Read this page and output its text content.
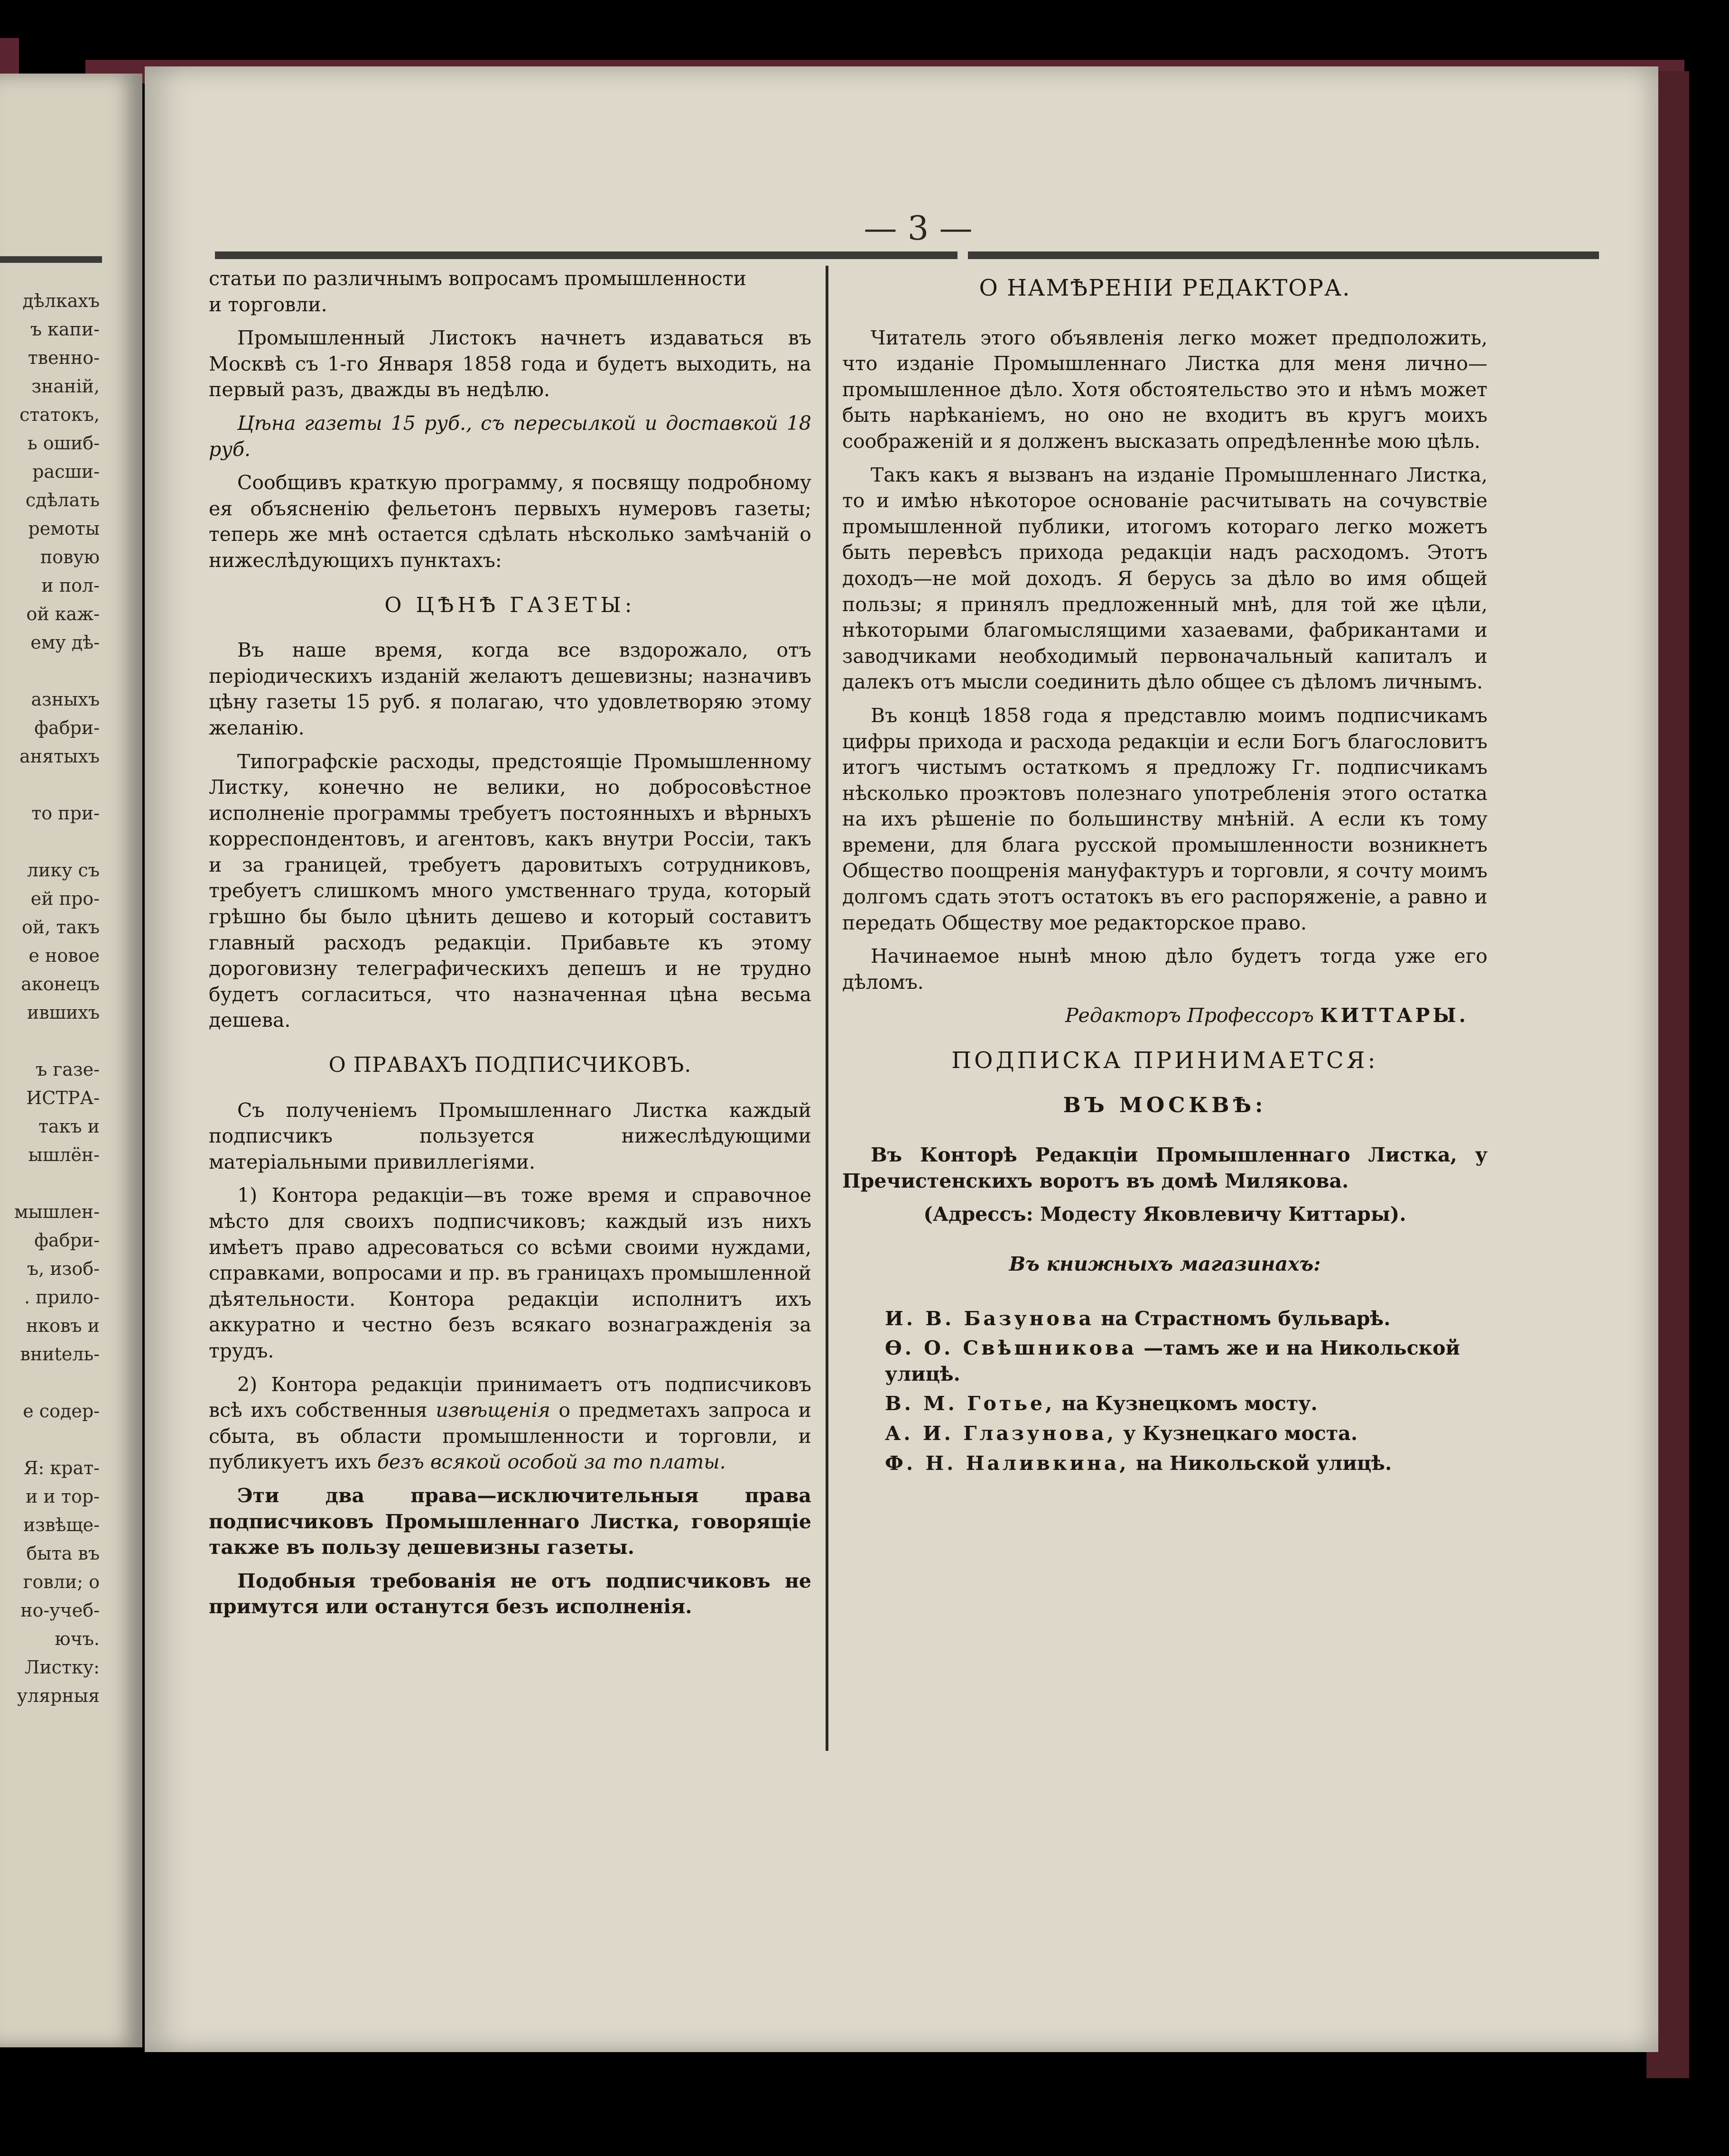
дѣлкахъ
ъ капи-
твенно-
знаній,
статокъ,
ь ошиб-
расши-
сдѣлать
ремоты
повую
и пол-
ой каж-
ему дѣ-
азныхъ
фабри-
анятыхъ
то при-
лику съ
ей про-
ой, такъ
е новое
аконецъ
ившихъ
ъ газе-
ИСТРА-
такъ и
ышлён-
мышлен-
фабри-
ъ, изоб-
. прило-
нковъ и
вниteль-
е содер-
Я: крат-
и и тор-
извѣще-
быта въ
говли; о
но-учеб-
ючъ.
Листку:
улярныя
— 3 —

статьи по различнымъ вопросамъ промышленности

и торговли.

Промышленный Листокъ начнетъ издаваться въ Москвѣ съ 1-го Января 1858 года и будетъ выходить, на первый разъ, дважды въ недѣлю.

Цѣна газеты 15 руб., съ пересылкой и доставкой 18 руб.

Сообщивъ краткую программу, я посвящу подробному ея объясненію фельетонъ первыхъ нумеровъ газеты; теперь же мнѣ остается сдѣлать нѣсколько замѣчаній о нижеслѣдующихъ пунктахъ:

О ЦѢНѢ ГАЗЕТЫ:

Въ наше время, когда все вздорожало, отъ періодическихъ изданій желаютъ дешевизны; назначивъ цѣну газеты 15 руб. я полагаю, что удовлетворяю этому желанію.

Типографскіе расходы, предстоящіе Промышленному Листку, конечно не велики, но добросовѣстное исполненіе программы требуетъ постоянныхъ и вѣрныхъ корреспондентовъ, и агентовъ, какъ внутри Россіи, такъ и за границей, требуетъ даровитыхъ сотрудниковъ, требуетъ слишкомъ много умственнаго труда, который грѣшно бы было цѣнить дешево и который составитъ главный расходъ редакціи. Прибавьте къ этому дороговизну телеграфическихъ депешъ и не трудно будетъ согласиться, что назначенная цѣна весьма дешева.

О ПРАВАХЪ ПОДПИСЧИКОВЪ.

Съ полученіемъ Промышленнаго Листка каждый подписчикъ пользуется нижеслѣдующими матеріальными привиллегіями.

1) Контора редакціи—въ тоже время и справочное мѣсто для своихъ подписчиковъ; каждый изъ нихъ имѣетъ право адресоваться со всѣми своими нуждами, справками, вопросами и пр. въ границахъ промышленной дѣятельности. Контора редакціи исполнитъ ихъ аккуратно и честно безъ всякаго вознагражденія за трудъ.

2) Контора редакціи принимаетъ отъ подписчиковъ всѣ ихъ собственныя извѣщенія о предметахъ запроса и сбыта, въ области промышленности и торговли, и публикуетъ ихъ безъ всякой особой за то платы.

Эти два права—исключительныя права подписчиковъ Промышленнаго Листка, говорящіе также въ пользу дешевизны газеты.

Подобныя требованія не отъ подписчиковъ не примутся или останутся безъ исполненія.

О НАМѢРЕНІИ РЕДАКТОРА.

Читатель этого объявленія легко может предположить, что изданіе Промышленнаго Листка для меня лично—промышленное дѣло. Хотя обстоятельство это и нѣмъ может быть нарѣканіемъ, но оно не входитъ въ кругъ моихъ соображеній и я долженъ высказать опредѣленнѣе мою цѣль.

Такъ какъ я вызванъ на изданіе Промышленнаго Листка, то и имѣю нѣкоторое основаніе расчитывать на сочувствіе промышленной публики, итогомъ котораго легко можетъ быть перевѣсъ прихода редакціи надъ расходомъ. Этотъ доходъ—не мой доходъ. Я берусь за дѣло во имя общей пользы; я принялъ предложенный мнѣ, для той же цѣли, нѣкоторыми благомыслящими хазаевами, фабрикантами и заводчиками необходимый первоначальный капиталъ и далекъ отъ мысли соединить дѣло общее съ дѣломъ личнымъ.

Въ концѣ 1858 года я представлю моимъ подписчикамъ цифры прихода и расхода редакціи и если Богъ благословитъ итогъ чистымъ остаткомъ я предложу Гг. подписчикамъ нѣсколько проэктовъ полезнаго употребленія этого остатка на ихъ рѣшеніе по большинству мнѣній. А если къ тому времени, для блага русской промышленности возникнетъ Общество поощренія мануфактуръ и торговли, я сочту моимъ долгомъ сдать этотъ остатокъ въ его распоряженіе, а равно и передать Обществу мое редакторское право.

Начинаемое нынѣ мною дѣло будетъ тогда уже его дѣломъ.

Редакторъ Профессоръ КИТТАРЫ.

ПОДПИСКА ПРИНИМАЕТСЯ:
ВЪ МОСКВѢ:

Въ Конторѣ Редакціи Промышленнаго Листка, у Пречистенскихъ воротъ въ домѣ Милякова.

(Адрессъ: Модесту Яковлевичу Киттары).

Въ книжныхъ магазинахъ:

И. В. Базунова на Страстномъ бульварѣ.

Ѳ. О. Свѣшникова —тамъ же и на Никольской улицѣ.

В. М. Готье, на Кузнецкомъ мосту.

А. И. Глазунова, у Кузнецкаго моста.

Ф. Н. Наливкина, на Никольской улицѣ.
